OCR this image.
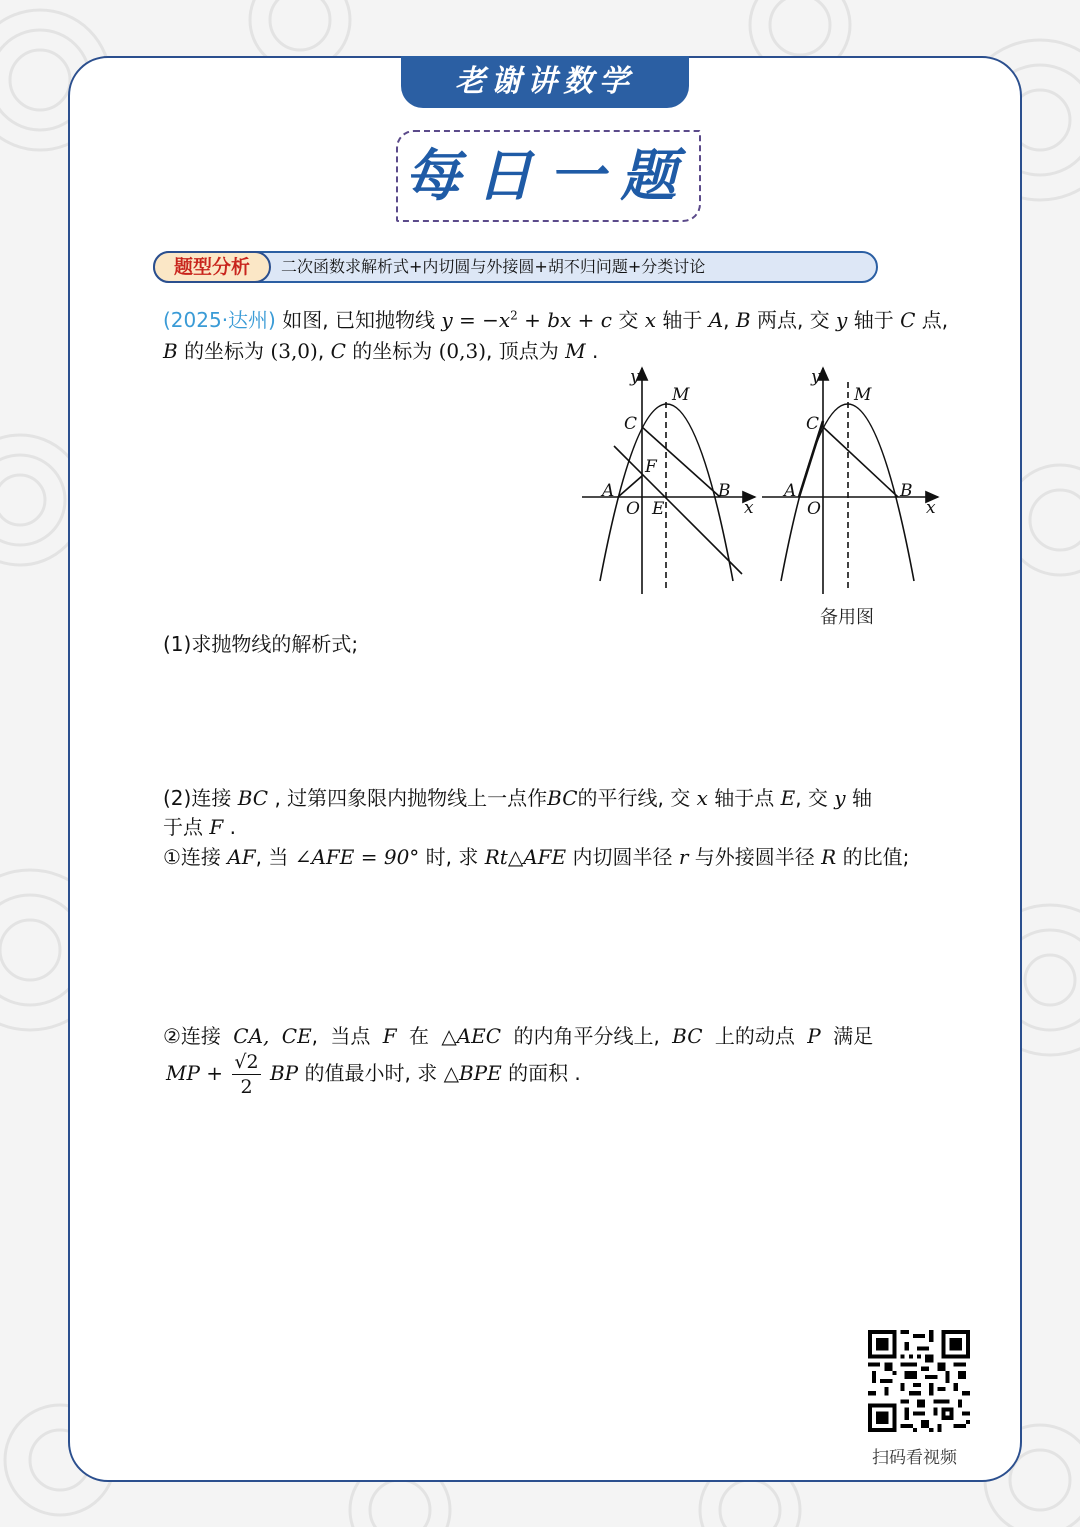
老谢讲数学
每日一题
题型分析	二次函数求解析式+内切圆与外接圆+胡不归问题+分类讨论
(2025·达州) 如图, 已知抛物线 $y = -x^2$ + bx + c 交 x 轴于 A, B 两点, 交 y 轴于 C 点,
B 的坐标为 (3,0), C 的坐标为 (0,3), 顶点为 M .
y
M
C
F
A	B
O E	x
y
M
C
A	B
O	x
备用图
(1)求抛物线的解析式;
(2)连接 BC , 过第四象限内抛物线上一点作BC的平行线, 交 x 轴于点 E, 交 y 轴
于点 F .
①连接 AF, 当 ∠AFE = 90° 时, 求 Rt△AFE 内切圆半径 r 与外接圆半径 R 的比值;
②连接 CA, CE, 当点 F 在 △AEC 的内角平分线上, BC 上的动点 P 满足
MP + $\frac{√2}{2}$ BP 的值最小时, 求 △BPE 的面积 .
扫码看视频
